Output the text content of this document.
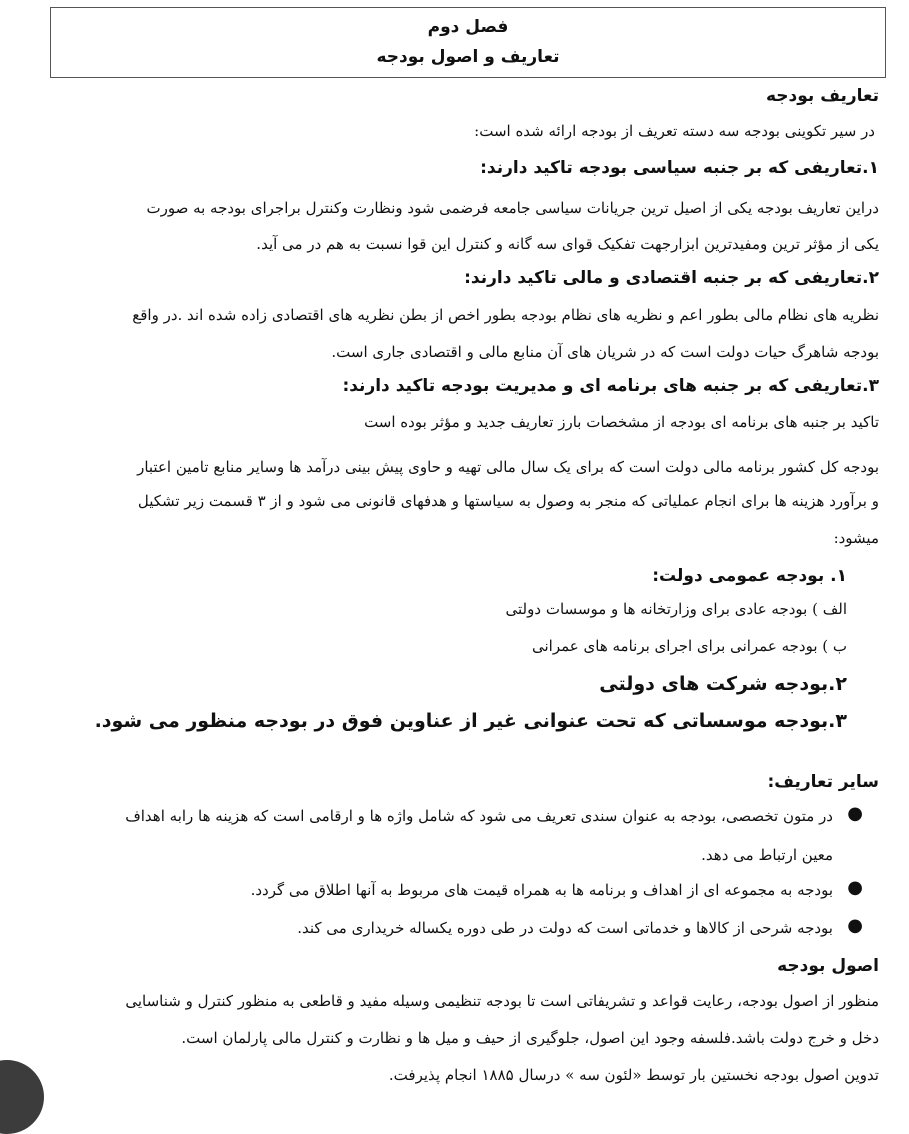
فصل دوم
تعاریف و اصول بودجه
تعاریف بودجه
در سیر تکوینی بودجه سه دسته تعریف از بودجه ارائه شده است:
۱.تعاریفی که بر جنبه سیاسی بودجه تاکید دارند:
دراین تعاریف بودجه یکی از اصیل ترین جریانات سیاسی جامعه فرضمی شود ونظارت وکنترل براجرای بودجه به صورت
یکی از مؤثر ترین ومفیدترین ابزارجهت تفکیک قوای سه گانه و کنترل این قوا نسبت به هم در می آید.
۲.تعاریفی که بر جنبه اقتصادی و مالی تاکید دارند:
نظریه های نظام مالی بطور اعم و نظریه های نظام بودجه بطور اخص از بطن نظریه های اقتصادی زاده شده اند .در واقع
بودجه شاهرگ حیات دولت است که در شریان های آن منابع مالی و اقتصادی جاری است.
۳.تعاریفی که بر جنبه های برنامه ای و مدیریت بودجه تاکید دارند:
تاکید بر جنبه های برنامه ای بودجه از مشخصات بارز تعاریف جدید و مؤثر بوده است
بودجه کل کشور برنامه مالی دولت است که برای یک سال مالی تهیه و حاوی پیش بینی درآمد ها وسایر منابع تامین اعتبار
و برآورد هزینه ها برای انجام عملیاتی که منجر به وصول به سیاستها و هدفهای قانونی می شود و از ۳ قسمت زیر تشکیل
میشود:
۱. بودجه عمومی دولت:
الف ) بودجه عادی برای وزارتخانه ها و موسسات دولتی
ب ) بودجه عمرانی برای اجرای برنامه های عمرانی
۲.بودجه شرکت های دولتی
۳.بودجه موسساتی که تحت عنوانی غیر از عناوین فوق در بودجه منظور می شود.
سایر تعاریف:
●
در متون تخصصی، بودجه به عنوان سندی تعریف می شود که شامل واژه ها و ارقامی است که هزینه ها رابه اهداف
معین ارتباط می دهد.
●
بودجه به مجموعه ای از اهداف و برنامه ها به همراه قیمت های مربوط به آنها اطلاق می گردد.
●
بودجه شرحی از کالاها و خدماتی است که دولت در طی دوره یکساله خریداری می کند.
اصول بودجه
منظور از اصول بودجه، رعایت قواعد و تشریفاتی است تا بودجه تنظیمی وسیله مفید و قاطعی به منظور کنترل و شناسایی
دخل و خرج دولت باشد.فلسفه وجود این اصول، جلوگیری از حیف و میل ها و نظارت و کنترل مالی پارلمان است.
تدوین اصول بودجه نخستین بار توسط «لئون سه » درسال ۱۸۸۵ انجام پذیرفت.
